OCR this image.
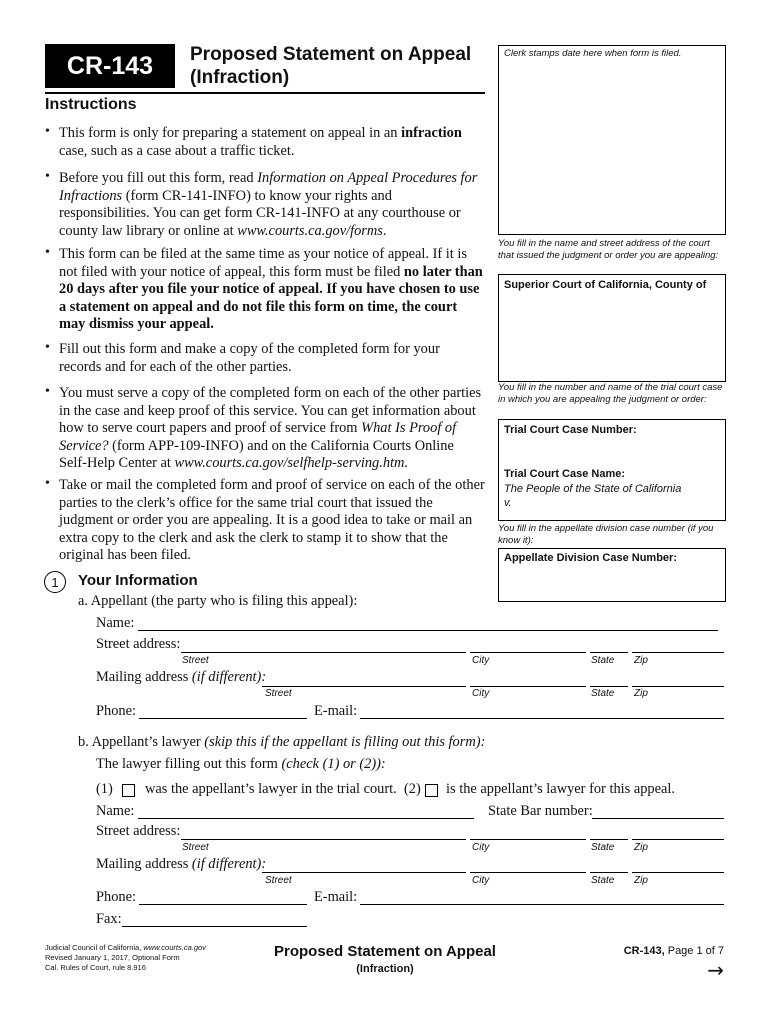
CR-143 Proposed Statement on Appeal
(Infraction)
Instructions
• This form is only for preparing a statement on appeal in an infraction case, such as a case about a traffic ticket.
• Before you fill out this form, read Information on Appeal Procedures for Infractions (form CR-141-INFO) to know your rights and responsibilities. You can get form CR-141-INFO at any courthouse or county law library or online at www.courts.ca.gov/forms.
• This form can be filed at the same time as your notice of appeal. If it is not filed with your notice of appeal, this form must be filed no later than 20 days after you file your notice of appeal. If you have chosen to use a statement on appeal and do not file this form on time, the court may dismiss your appeal.
• Fill out this form and make a copy of the completed form for your records and for each of the other parties.
• You must serve a copy of the completed form on each of the other parties in the case and keep proof of this service. You can get information about how to serve court papers and proof of service from What Is Proof of Service? (form APP-109-INFO) and on the California Courts Online Self-Help Center at www.courts.ca.gov/selfhelp-serving.htm.
• Take or mail the completed form and proof of service on each of the other parties to the clerk’s office for the same trial court that issued the judgment or order you are appealing. It is a good idea to take or mail an extra copy to the clerk and ask the clerk to stamp it to show that the original has been filed.
Clerk stamps date here when form is filed.
You fill in the name and street address of the court that issued the judgment or order you are appealing:
Superior Court of California, County of
You fill in the number and name of the trial court case in which you are appealing the judgment or order:
Trial Court Case Number:
Trial Court Case Name:
The People of the State of California
v.
You fill in the appellate division case number (if you know it):
Appellate Division Case Number:
1 Your Information
a. Appellant (the party who is filing this appeal):
Name:
Street address:
Street	City	State Zip
Mailing address (if different):
Street	City	State Zip
Phone:	E-mail:
b. Appellant’s lawyer (skip this if the appellant is filling out this form):
The lawyer filling out this form (check (1) or (2)):
(1) was the appellant’s lawyer in the trial court. (2) is the appellant’s lawyer for this appeal.
Name:	State Bar number:
Street address:
Street	City	State Zip
Mailing address (if different):
Street	City	State Zip
Phone:	E-mail:
Fax:
Judicial Council of California, www.courts.ca.gov
Revised January 1, 2017, Optional Form
Cal. Rules of Court, rule 8.916
Proposed Statement on Appeal
(Infraction)
CR-143, Page 1 of 7
→
